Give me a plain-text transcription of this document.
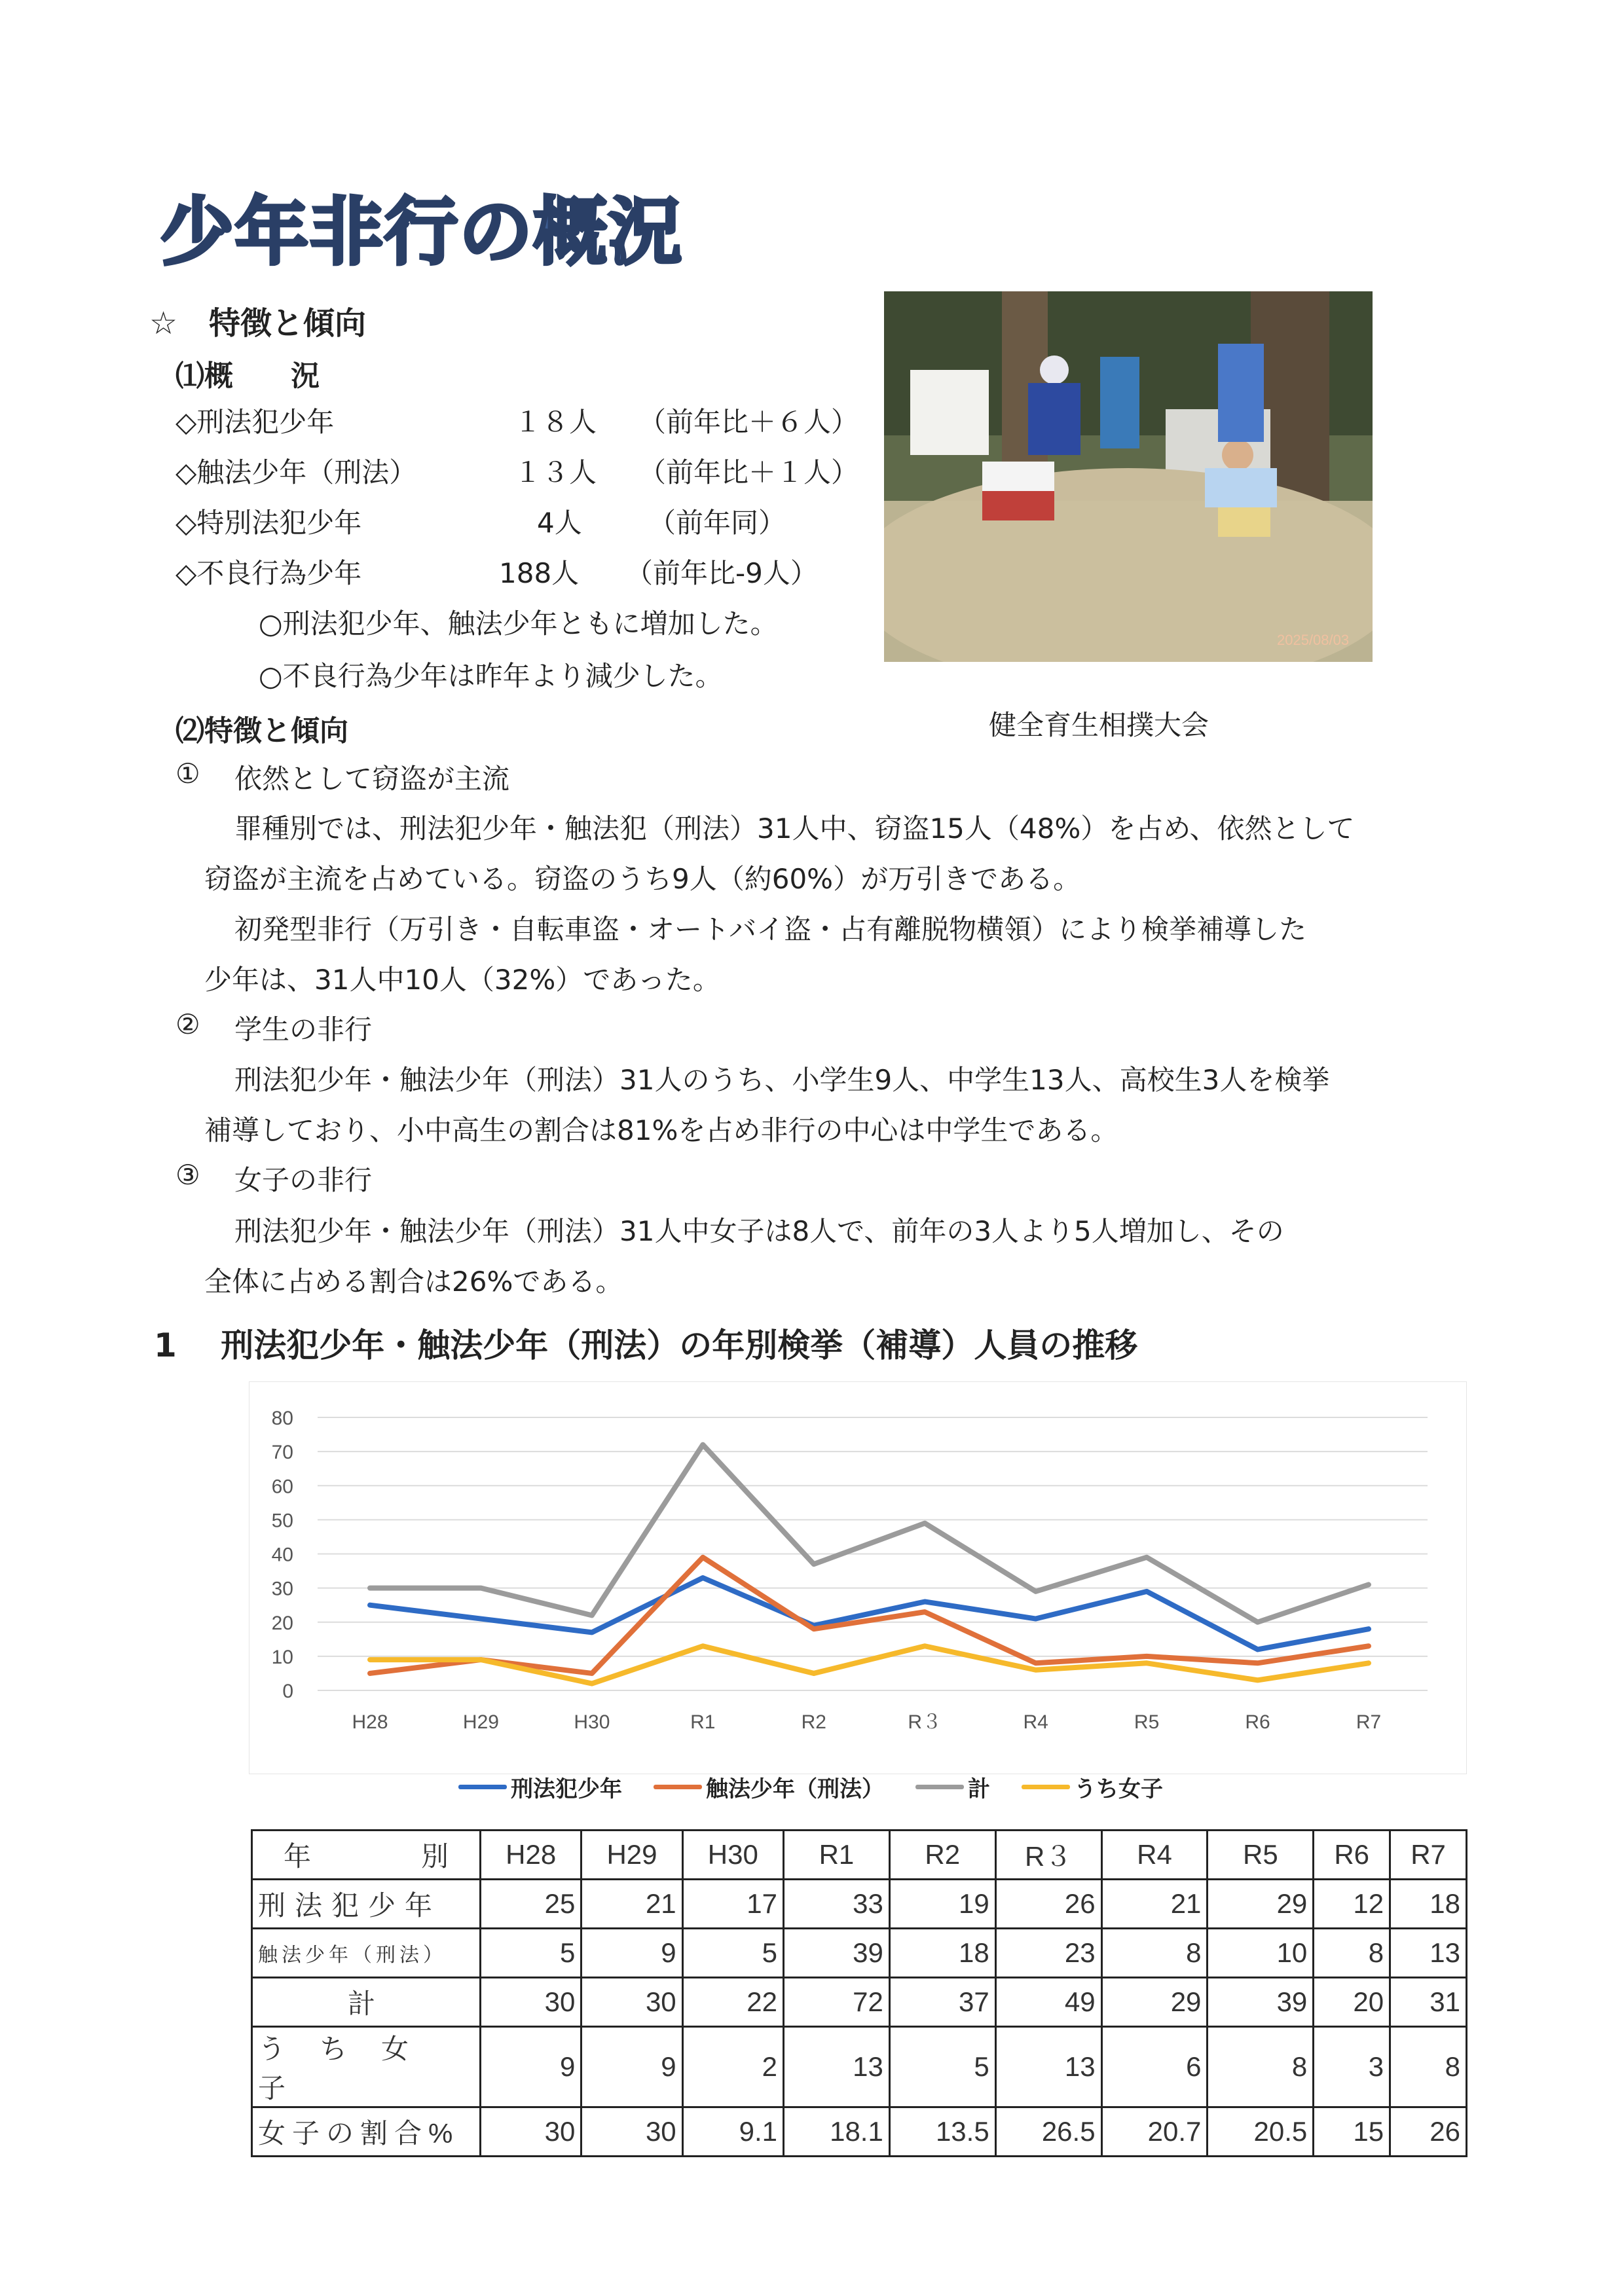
少年非行の概況
☆　特徴と傾向
⑴概　　況
◇刑法犯少年	１８人 （前年比＋６人）
◇触法少年（刑法）	１３人 （前年比＋１人）
◇特別法犯少年	4人 （前年同）
◇不良行為少年	188人 （前年比-9人）
○刑法犯少年、触法少年ともに増加した。
○不良行為少年は昨年より減少した。
2025/08/03
健全育生相撲大会
⑵特徴と傾向
① 依然として窃盗が主流
罪種別では、刑法犯少年・触法犯（刑法）31人中、窃盗15人（48%）を占め、依然として
窃盗が主流を占めている。窃盗のうち9人（約60%）が万引きである。
初発型非行（万引き・自転車盗・オートバイ盗・占有離脱物横領）により検挙補導した
少年は、31人中10人（32%）であった。
② 学生の非行
刑法犯少年・触法少年（刑法）31人のうち、小学生9人、中学生13人、高校生3人を検挙
補導しており、小中高生の割合は81%を占め非行の中心は中学生である。
③ 女子の非行
刑法犯少年・触法少年（刑法）31人中女子は8人で、前年の3人より5人増加し、その
全体に占める割合は26%である。
1　 刑法犯少年・触法少年（刑法）の年別検挙（補導）人員の推移
0
10
20
30
40
50
60
70
80
H28	H29	H30	R1	R2	R３	R4	R5	R6	R7
刑法犯少年	触法少年（刑法）	計	うち女子
年　　　　別	H28	H29	H30	R1	R2	R３	R4	R5	R6	R7
刑法犯少年	25	21	17	33	19	26	21	29	12	18
触法少年（刑法）	5	9	5	39	18	23	8	10	8	13
計	30	30	22	72	37	49	29	39	20	31
うち女子	9	9	2	13	5	13	6	8	3	8
女子の割合%	30	30	9.1	18.1	13.5	26.5	20.7	20.5	15	26
